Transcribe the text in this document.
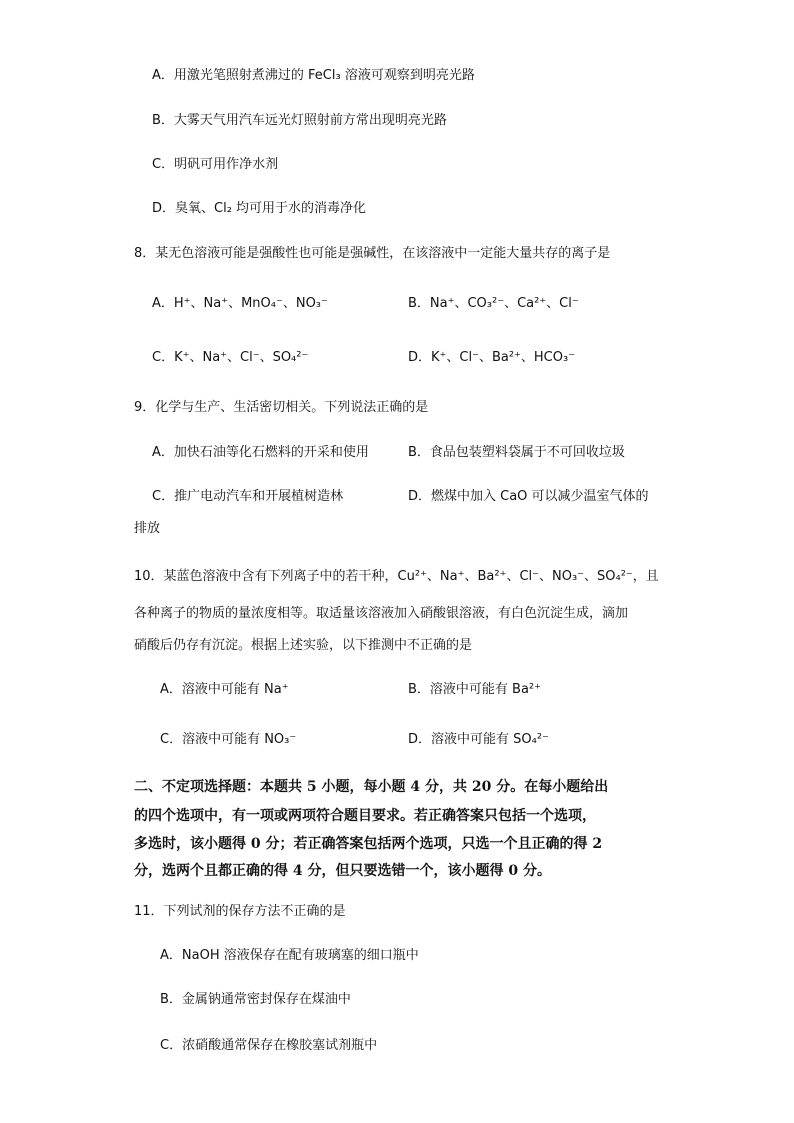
A．用激光笔照射煮沸过的 FeCl₃ 溶液可观察到明亮光路
B．大雾天气用汽车远光灯照射前方常出现明亮光路
C．明矾可用作净水剂
D．臭氧、Cl₂ 均可用于水的消毒净化
8．某无色溶液可能是强酸性也可能是强碱性，在该溶液中一定能大量共存的离子是
A．H⁺、Na⁺、MnO₄⁻、NO₃⁻	B．Na⁺、CO₃²⁻、Ca²⁺、Cl⁻
C．K⁺、Na⁺、Cl⁻、SO₄²⁻	D．K⁺、Cl⁻、Ba²⁺、HCO₃⁻
9．化学与生产、生活密切相关。下列说法正确的是
A．加快石油等化石燃料的开采和使用	B．食品包装塑料袋属于不可回收垃圾
C．推广电动汽车和开展植树造林	D．燃煤中加入 CaO 可以减少温室气体的
排放
10．某蓝色溶液中含有下列离子中的若干种，Cu²⁺、Na⁺、Ba²⁺、Cl⁻、NO₃⁻、SO₄²⁻，且
各种离子的物质的量浓度相等。取适量该溶液加入硝酸银溶液，有白色沉淀生成，滴加
硝酸后仍存有沉淀。根据上述实验，以下推测中不正确的是
A．溶液中可能有 Na⁺	B．溶液中可能有 Ba²⁺
C．溶液中可能有 NO₃⁻	D．溶液中可能有 SO₄²⁻
二、不定项选择题：本题共 5 小题，每小题 4 分，共 20 分。在每小题给出
的四个选项中，有一项或两项符合题目要求。若正确答案只包括一个选项，
多选时，该小题得 0 分；若正确答案包括两个选项，只选一个且正确的得 2
分，选两个且都正确的得 4 分，但只要选错一个，该小题得 0 分。
11．下列试剂的保存方法不正确的是
A．NaOH 溶液保存在配有玻璃塞的细口瓶中
B．金属钠通常密封保存在煤油中
C．浓硝酸通常保存在橡胶塞试剂瓶中
